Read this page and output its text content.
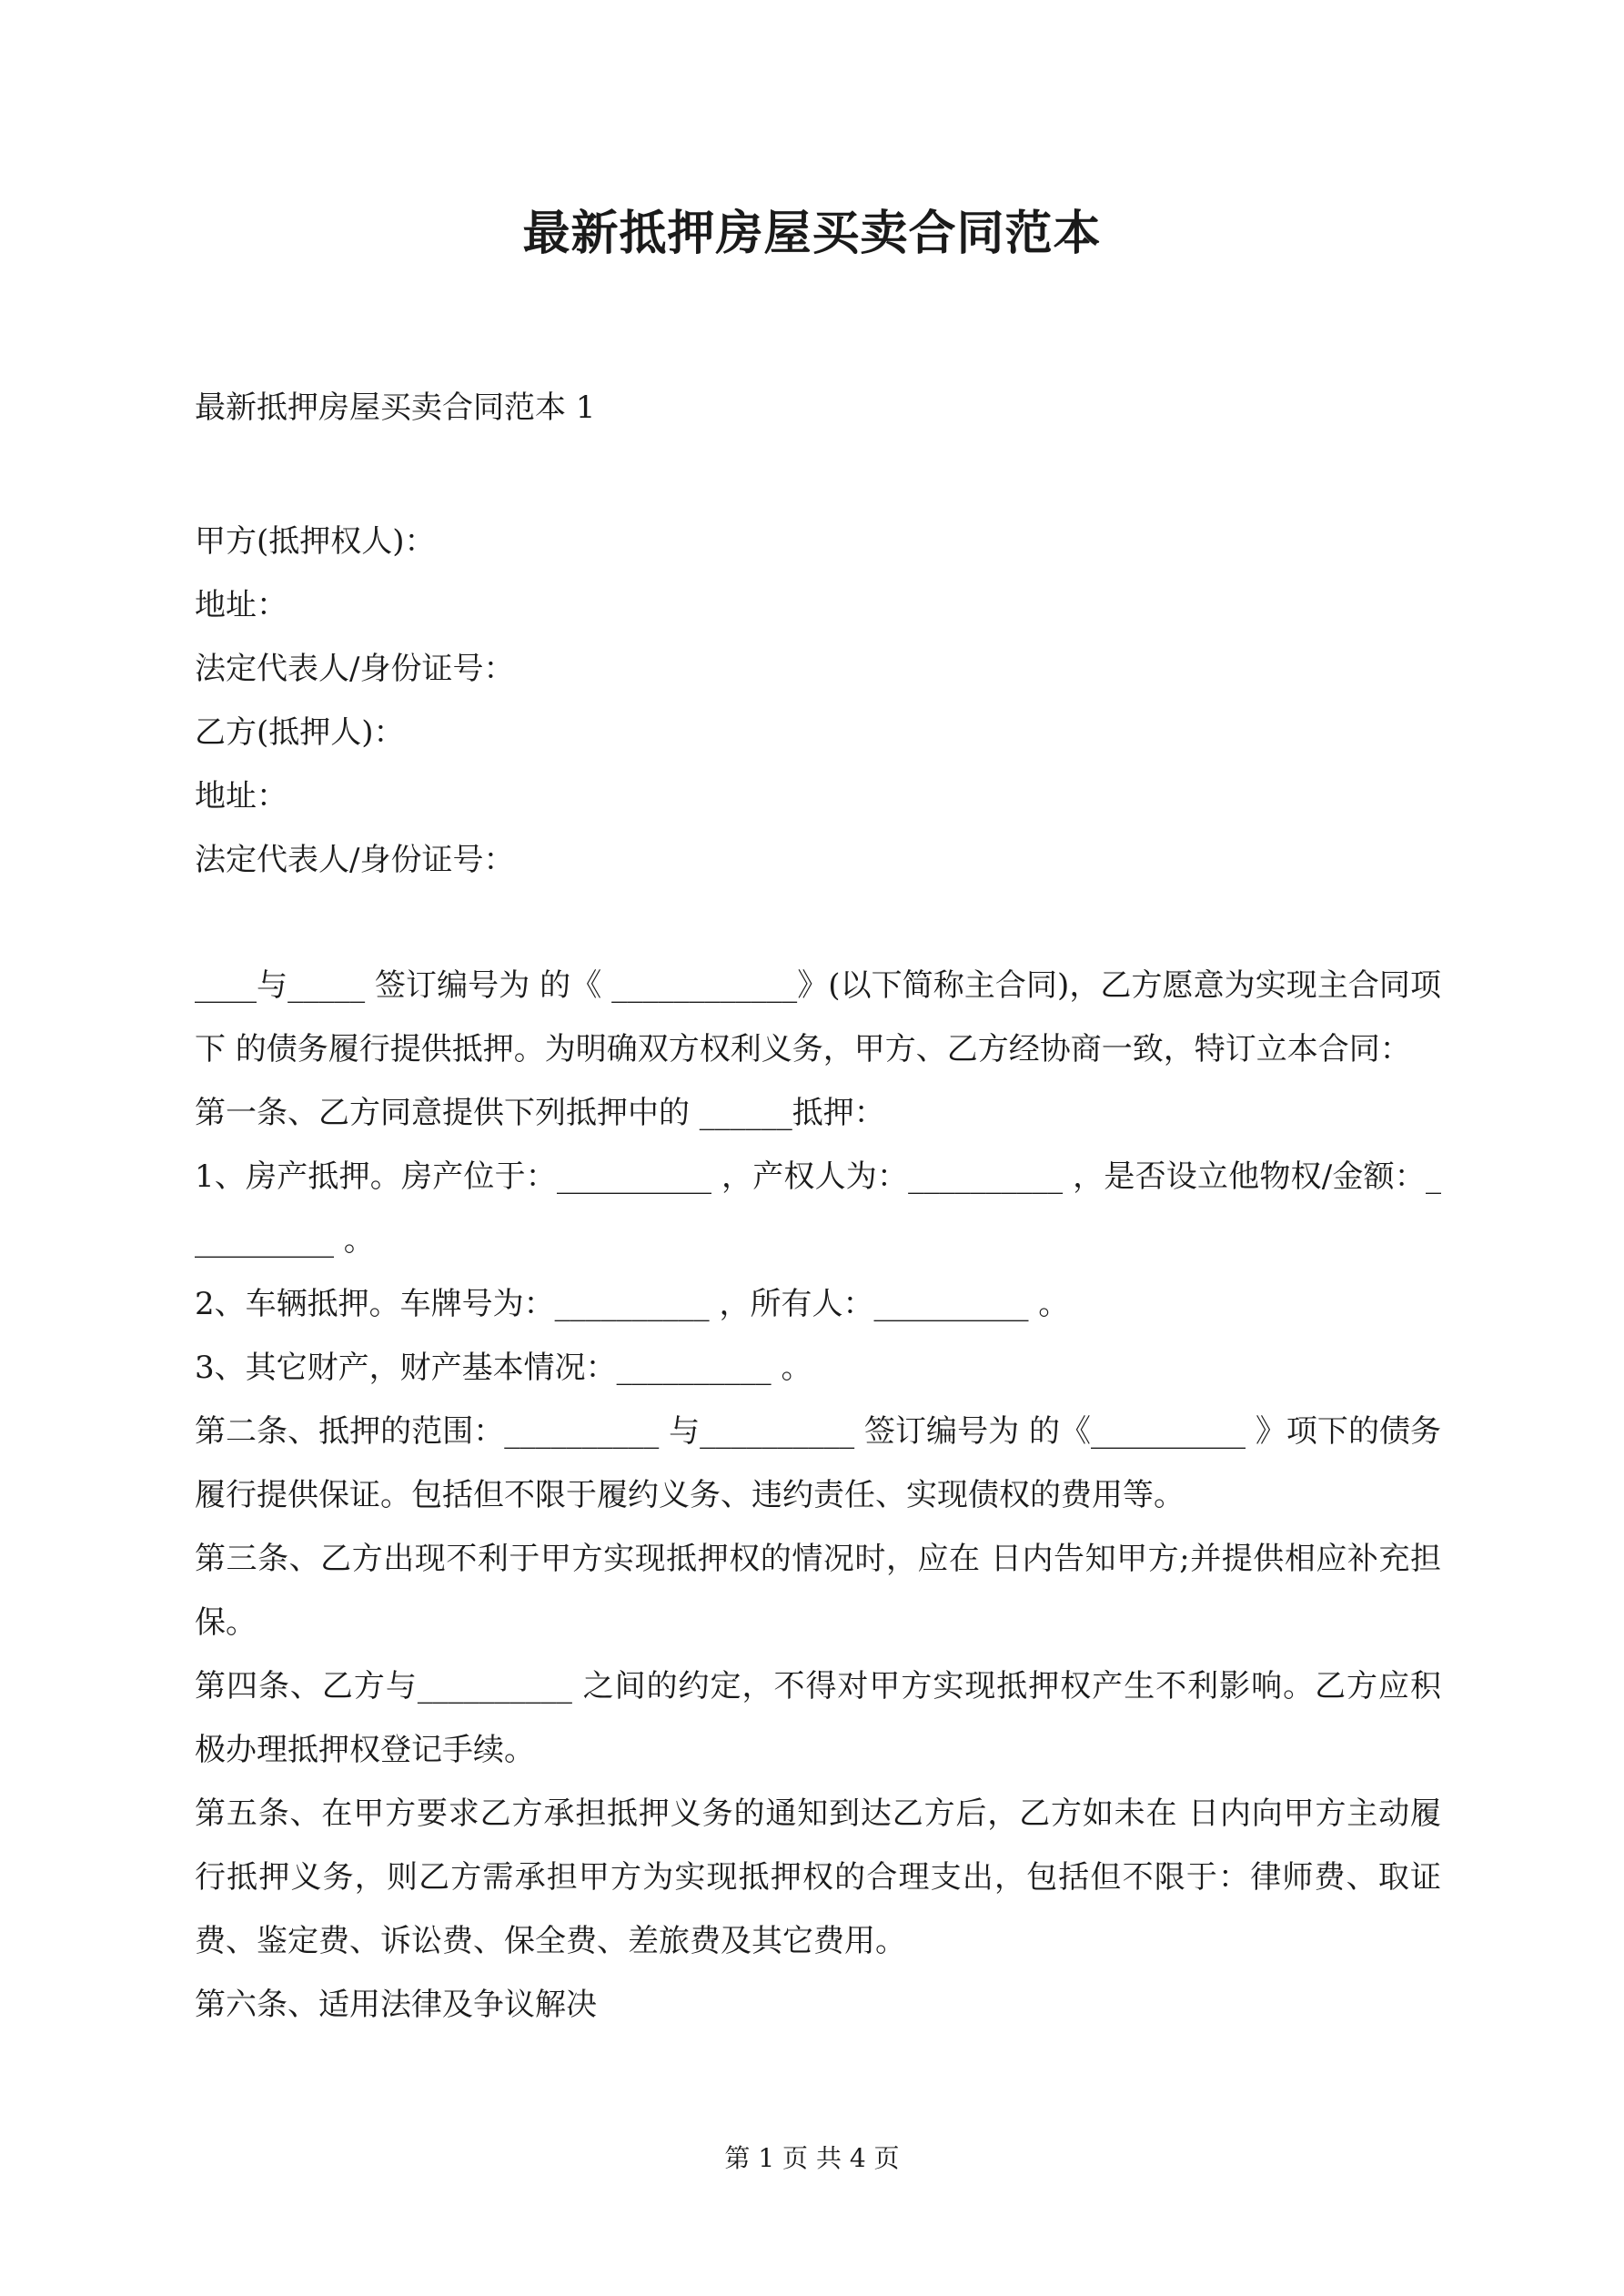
最新抵押房屋买卖合同范本
最新抵押房屋买卖合同范本 1
甲方(抵押权人)：
地址：
法定代表人/身份证号：
乙方(抵押人)：
地址：
法定代表人/身份证号：

____与_____ 签订编号为 的《 ____________》(以下简称主合同)，乙方愿意为实现主合同项下 的债务履行提供抵押。为明确双方权利义务，甲方、乙方经协商一致，特订立本合同：

第一条、乙方同意提供下列抵押中的 ______抵押：

1、房产抵押。房产位于：__________ ，产权人为：__________ ，是否设立他物权/金额：__________ 。

2、车辆抵押。车牌号为：__________ ，所有人：__________ 。

3、其它财产，财产基本情况：__________ 。

第二条、抵押的范围：__________ 与__________ 签订编号为 的《__________ 》项下的债务履行提供保证。包括但不限于履约义务、违约责任、实现债权的费用等。

第三条、乙方出现不利于甲方实现抵押权的情况时，应在 日内告知甲方;并提供相应补充担保。

第四条、乙方与__________ 之间的约定，不得对甲方实现抵押权产生不利影响。乙方应积极办理抵押权登记手续。

第五条、在甲方要求乙方承担抵押义务的通知到达乙方后，乙方如未在 日内向甲方主动履行抵押义务，则乙方需承担甲方为实现抵押权的合理支出，包括但不限于：律师费、取证费、鉴定费、诉讼费、保全费、差旅费及其它费用。

第六条、适用法律及争议解决

第 1 页 共 4 页
